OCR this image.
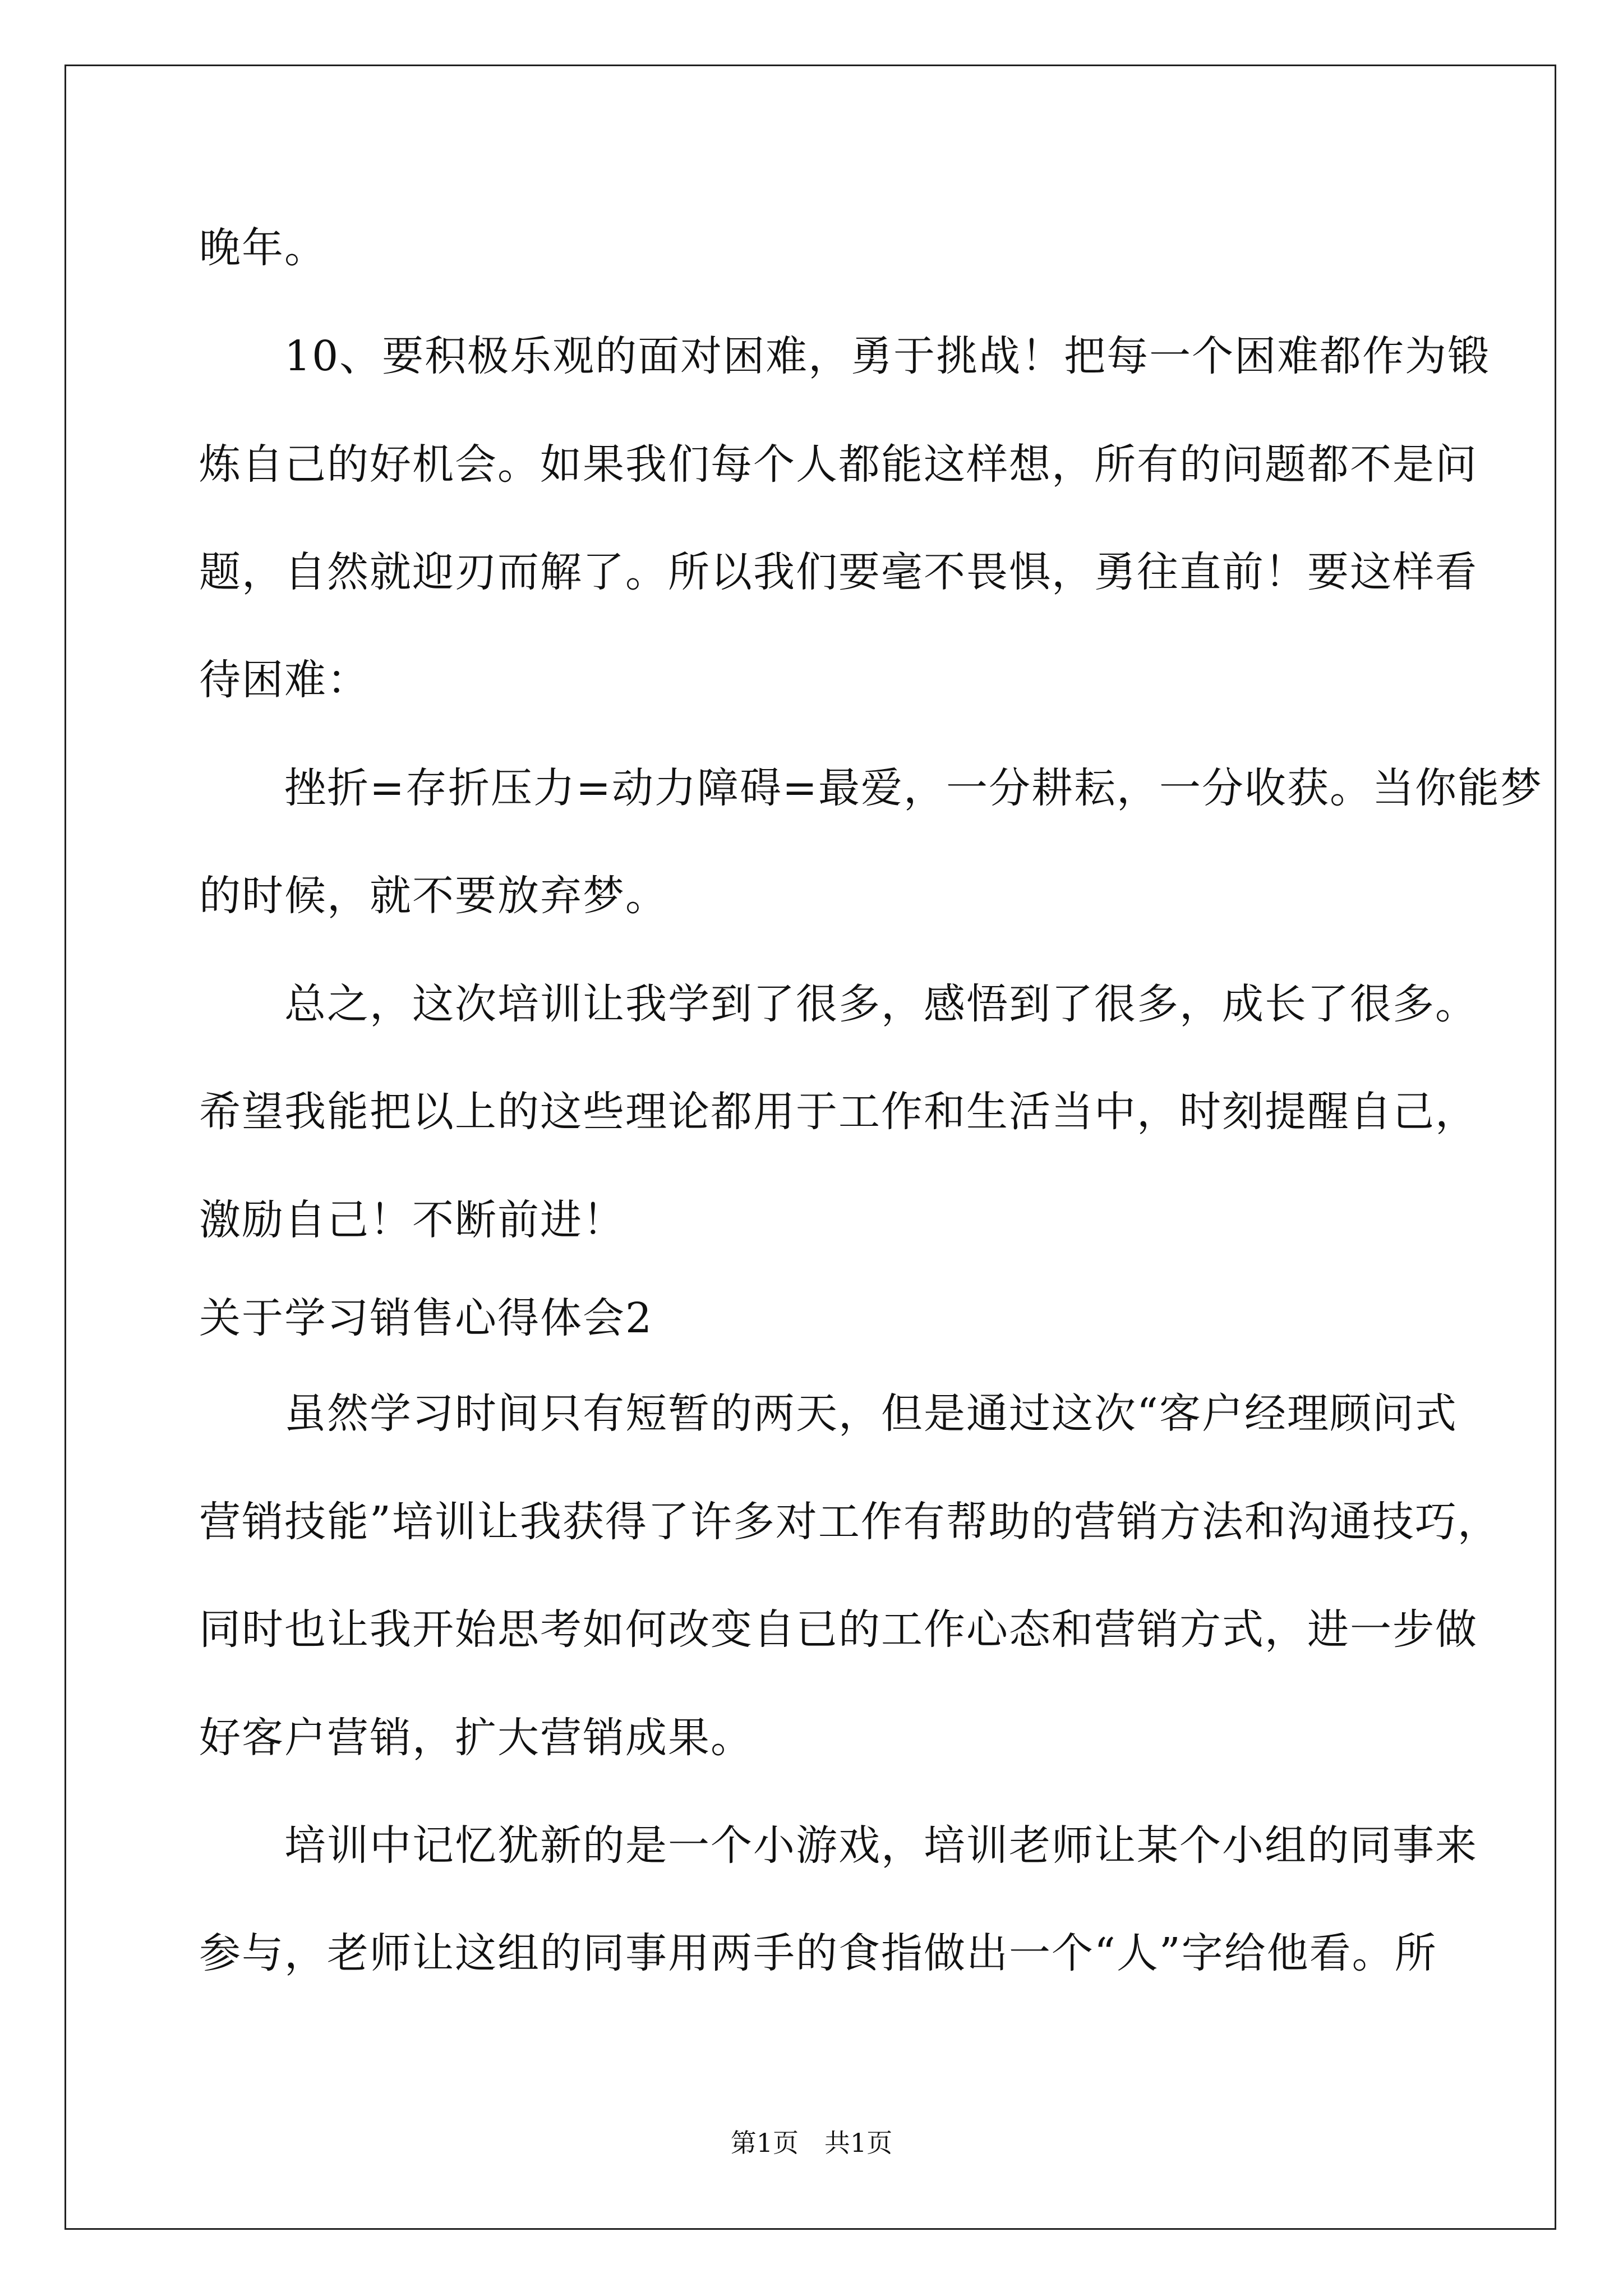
晚年。
　　10、要积极乐观的面对困难，勇于挑战！把每一个困难都作为锻
炼自己的好机会。如果我们每个人都能这样想，所有的问题都不是问
题，自然就迎刃而解了。所以我们要毫不畏惧，勇往直前！要这样看
待困难：
　　挫折=存折压力=动力障碍=最爱，一分耕耘，一分收获。当你能梦
的时候，就不要放弃梦。
　　总之，这次培训让我学到了很多，感悟到了很多，成长了很多。
希望我能把以上的这些理论都用于工作和生活当中，时刻提醒自己，
激励自己！不断前进！
关于学习销售心得体会2
　　虽然学习时间只有短暂的两天，但是通过这次“客户经理顾问式
营销技能”培训让我获得了许多对工作有帮助的营销方法和沟通技巧，
同时也让我开始思考如何改变自已的工作心态和营销方式，进一步做
好客户营销，扩大营销成果。
　　培训中记忆犹新的是一个小游戏，培训老师让某个小组的同事来
参与，老师让这组的同事用两手的食指做出一个“人”字给他看。所
第1页　共1页
